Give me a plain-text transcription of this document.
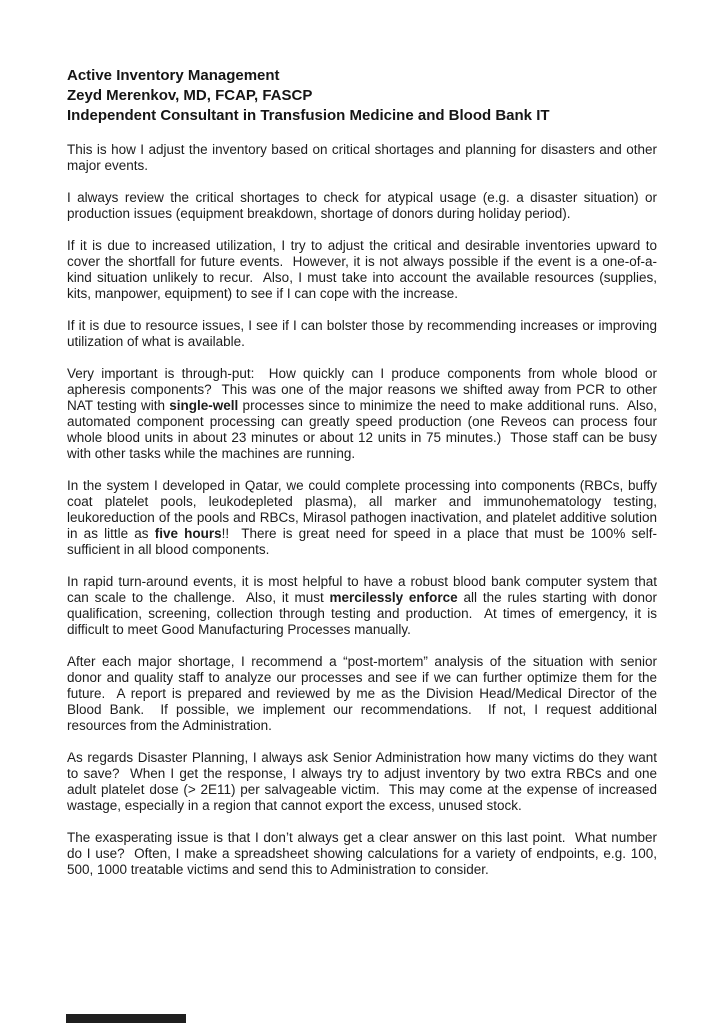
Active Inventory Management
Zeyd Merenkov, MD, FCAP, FASCP
Independent Consultant in Transfusion Medicine and Blood Bank IT

This is how I adjust the inventory based on critical shortages and planning for disasters and other major events.

I always review the critical shortages to check for atypical usage (e.g. a disaster situation) or production issues (equipment breakdown, shortage of donors during holiday period).

If it is due to increased utilization, I try to adjust the critical and desirable inventories upward to cover the shortfall for future events.  However, it is not always possible if the event is a one-of-a-kind situation unlikely to recur.  Also, I must take into account the available resources (supplies, kits, manpower, equipment) to see if I can cope with the increase.

If it is due to resource issues, I see if I can bolster those by recommending increases or improving utilization of what is available.

Very important is through-put:  How quickly can I produce components from whole blood or apheresis components?  This was one of the major reasons we shifted away from PCR to other NAT testing with single-well processes since to minimize the need to make additional runs.  Also, automated component processing can greatly speed production (one Reveos can process four whole blood units in about 23 minutes or about 12 units in 75 minutes.)  Those staff can be busy with other tasks while the machines are running.

In the system I developed in Qatar, we could complete processing into components (RBCs, buffy coat platelet pools, leukodepleted plasma), all marker and immunohematology testing, leukoreduction of the pools and RBCs, Mirasol pathogen inactivation, and platelet additive solution in as little as five hours!!  There is great need for speed in a place that must be 100% self-sufficient in all blood components.

In rapid turn-around events, it is most helpful to have a robust blood bank computer system that can scale to the challenge.  Also, it must mercilessly enforce all the rules starting with donor qualification, screening, collection through testing and production.  At times of emergency, it is difficult to meet Good Manufacturing Processes manually.

After each major shortage, I recommend a “post-mortem” analysis of the situation with senior donor and quality staff to analyze our processes and see if we can further optimize them for the future.  A report is prepared and reviewed by me as the Division Head/Medical Director of the Blood Bank.  If possible, we implement our recommendations.  If not, I request additional resources from the Administration.

As regards Disaster Planning, I always ask Senior Administration how many victims do they want to save?  When I get the response, I always try to adjust inventory by two extra RBCs and one adult platelet dose (> 2E11) per salvageable victim.  This may come at the expense of increased wastage, especially in a region that cannot export the excess, unused stock.

The exasperating issue is that I don’t always get a clear answer on this last point.  What number do I use?  Often, I make a spreadsheet showing calculations for a variety of endpoints, e.g. 100, 500, 1000 treatable victims and send this to Administration to consider.
